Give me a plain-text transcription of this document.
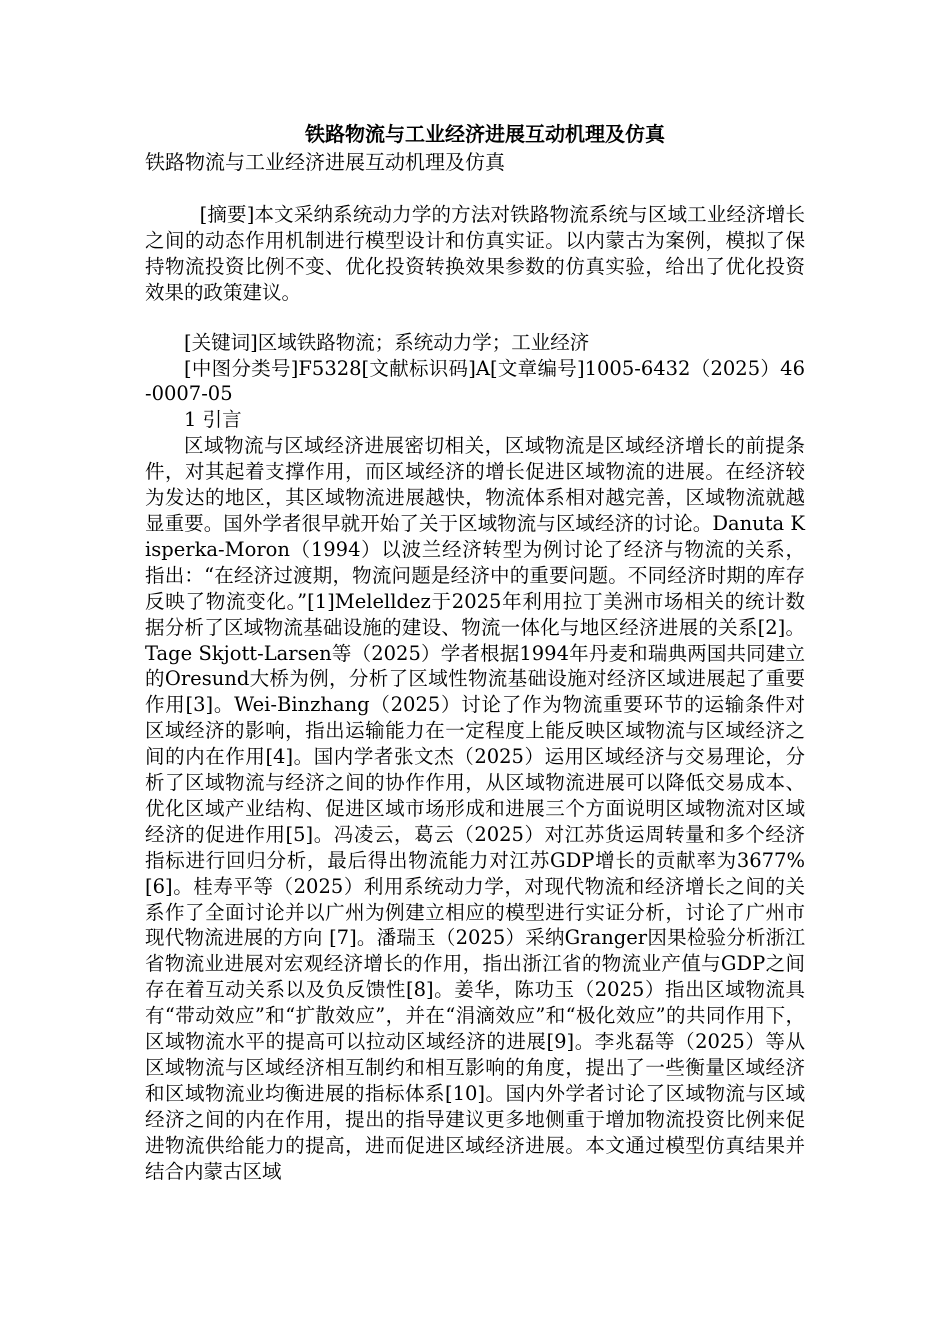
铁路物流与工业经济进展互动机理及仿真
铁路物流与工业经济进展互动机理及仿真

[摘要]本文采纳系统动力学的方法对铁路物流系统与区域工业经济增长之间的动态作用机制进行模型设计和仿真实证。以内蒙古为案例，模拟了保持物流投资比例不变、优化投资转换效果参数的仿真实验，给出了优化投资效果的政策建议。

[关键词]区域铁路物流；系统动力学；工业经济

[中图分类号]F5328[文献标识码]A[文章编号]1005-6432（2025）46-0007-05

1 引言

区域物流与区域经济进展密切相关，区域物流是区域经济增长的前提条件，对其起着支撑作用，而区域经济的增长促进区域物流的进展。在经济较为发达的地区，其区域物流进展越快，物流体系相对越完善，区域物流就越显重要。国外学者很早就开始了关于区域物流与区域经济的讨论。Danuta Kisperka-Moron（1994）以波兰经济转型为例讨论了经济与物流的关系，指出：“在经济过渡期，物流问题是经济中的重要问题。不同经济时期的库存反映了物流变化。”[1]Melelldez于2025年利用拉丁美洲市场相关的统计数据分析了区域物流基础设施的建设、物流一体化与地区经济进展的关系[2]。Tage Skjott-Larsen等（2025）学者根据1994年丹麦和瑞典两国共同建立的Oresund大桥为例，分析了区域性物流基础设施对经济区域进展起了重要作用[3]。Wei-Binzhang（2025）讨论了作为物流重要环节的运输条件对区域经济的影响，指出运输能力在一定程度上能反映区域物流与区域经济之间的内在作用[4]。国内学者张文杰（2025）运用区域经济与交易理论，分析了区域物流与经济之间的协作作用，从区域物流进展可以降低交易成本、优化区域产业结构、促进区域市场形成和进展三个方面说明区域物流对区域经济的促进作用[5]。冯凌云，葛云（2025）对江苏货运周转量和多个经济指标进行回归分析，最后得出物流能力对江苏GDP增长的贡献率为3677%[6]。桂寿平等（2025）利用系统动力学，对现代物流和经济增长之间的关系作了全面讨论并以广州为例建立相应的模型进行实证分析，讨论了广州市现代物流进展的方向 [7]。潘瑞玉（2025）采纳Granger因果检验分析浙江省物流业进展对宏观经济增长的作用，指出浙江省的物流业产值与GDP之间存在着互动关系以及负反馈性[8]。姜华，陈功玉（2025）指出区域物流具有“带动效应”和“扩散效应”，并在“涓滴效应”和“极化效应”的共同作用下，区域物流水平的提高可以拉动区域经济的进展[9]。李兆磊等（2025）等从区域物流与区域经济相互制约和相互影响的角度，提出了一些衡量区域经济和区域物流业均衡进展的指标体系[10]。国内外学者讨论了区域物流与区域经济之间的内在作用，提出的指导建议更多地侧重于增加物流投资比例来促进物流供给能力的提高，进而促进区域经济进展。本文通过模型仿真结果并结合内蒙古区域
